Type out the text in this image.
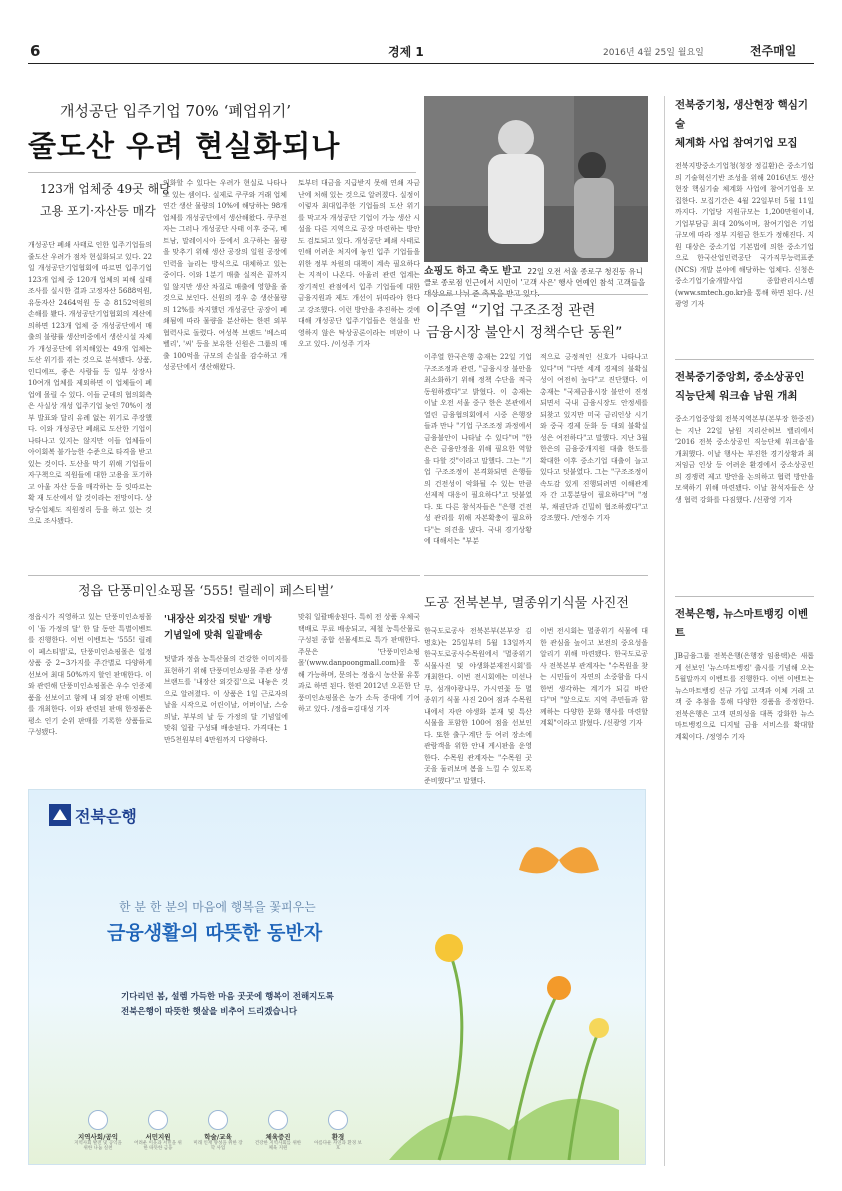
6	경제 1	2016년 4월 25일 월요일	전주매일
개성공단 입주기업 70% ‘폐업위기’
줄도산 우려 현실화되나
123개 업체중 49곳 해당
고용 포기·자산등 매각
개성공단 폐쇄 사태로 인한 입주기업들의 줄도산 우려가 점차 현실화되고 있다. 22일 개성공단기업협회에 따르면 입주기업 123개 업체 중 120개 업체의 피해 실태조사를 실시한 결과 고정자산 5688억원, 유동자산 2464억원 등 총 8152억원의 손해를 봤다. 개성공단기업협회의 계산에 의하면 123개 업체 중 개성공단에서 매출의 불량률 생산비중에서 생산시설 자체가 개성공단에 위치해있는 49개 업체는 도산 위기를 겪는 것으로 분석됐다. 상품, 인디에프, 좋은 사람들 등 일부 상장사 10여개 업체를 제외하면 이 업체들이 폐업에 몰릴 수 있다. 이들 군데의 협의회측은 사실상 개성 입주기업 늦인 70%이 정부 발표와 달리 유례 없는 위기로 주장했다. 이와 개성공단 폐쇄로 도산한 기업이 나타나고 있지는 않지만 이들 업체들이 아이회복 불가능한 수준으로 타격을 받고 있는 것이다. 도산을 막기 위해 기업들이 자구책으로 직원들에 대한 고용을 포기하고 아울 자산 등을 매각하는 등 잇따르는 확 재 도산에서 알 것이라는 전망이다. 상당수업체도 직원정리 등을 하고 있는 것으로 조사됐다.
익화할 수 있다는 우려가 현실로 나타나고 있는 셈이다. 실제로 쿠쿠와 거래 업체 연간 생산 물량의 10%에 해당하는 98개업체를 개성공단에서 생산해왔다. 쿠쿠전자는 그러나 개성공단 사태 이후 중국, 베트남, 말레이시아 등에서 요구하는 물량을 맞추기 위해 생산 공장의 일원 공장에 인력을 늘리는 방식으로 대체하고 있는 중이다. 이와 1분기 매출 실적은 끝까지 일 않지만 생산 차질로 매출에 영향을 줄 것으로 보인다. 신원의 경우 총 생산물량의 12%를 차지했던 개성공단 공장이 폐쇄됨에 따라 물량을 분산하는 한편 외부 협력사로 돌렸다. 여성복 브랜드 '베스띠벨리', '씨' 등을 보유한 신원은 그룹의 매출 100억을 규모의 손실을 감수하고 개성공단에서 생산해왔다.
토부터 대금을 지급받지 못해 연쇄 자금난에 처해 있는 것으로 알려졌다. 실정이 이렇자 최대입주한 기업들의 도산 위기를 막고자 개성공단 기업이 가능 생산 시설을 다른 지역으로 공장 마련하는 방안도 검토되고 있다. 개성공단 폐쇄 사태로 인해 어려운 처지에 놓인 입주 기업들을 위한 정부 차원의 대책이 계속 필요하다는 지적이 나온다. 아울러 관련 업계는 장기적인 관점에서 입주 기업들에 대한 금융지원과 제도 개선이 뒤따라야 한다고 강조했다. 이런 방안을 추진하는 것에 대해 개성공단 입주기업들은 현실을 반영하지 않은 탁상공론이라는 비판이 나오고 있다. /이성주 기자
쇼핑도 하고 축도 받고 22일 오전 서울 종로구 청진동 유니클로 종로점 인근에서 시민이 '고객 사은' 행사 연예인 참석 고객들을
이주열 “기업 구조조정 관련
금융시장 불안시 정책수단 동원”
이주열 한국은행 총재는 22일 기업 구조조정과 관련, "금융시장 불안을 최소화하기 위해 정책 수단을 적극 동원하겠다"고 밝혔다. 이 총재는 이날 오전 서울 중구 한은 본관에서 열린 금융협의회에서 시중 은행장들과 만나 "기업 구조조정 과정에서 금융불안이 나타날 수 있다"며 "한은은 금융안정을 위해 필요한 역할을 다할 것"이라고 말했다. 그는 "기업 구조조정이 본격화되면 은행들의 건전성이 악화될 수 있는 만큼 선제적 대응이 필요하다"고 덧붙였다. 또 다른 참석자들은 "은행 건전성 관리를 위해 자본확충이 필요하다"는 의견을 냈다. 국내 경기상황에 대해서는 "부분
적으로 긍정적인 신호가 나타나고 있다"며 "다만 세계 경제의 불확실성이 여전히 높다"고 진단했다. 이 총재는 "국제금융시장 불안이 진정되면서 국내 금융시장도 안정세를 되찾고 있지만 미국 금리인상 시기와 중국 경제 둔화 등 대외 불확실성은 여전하다"고 말했다. 지난 3월 한은의 금융중개지원 대출 한도를 확대한 이후 중소기업 대출이 늘고 있다고 덧붙였다. 그는 "구조조정이 속도감 있게 진행되려면 이해관계자 간 고통분담이 필요하다"며 "정부, 채권단과 긴밀히 협조하겠다"고 강조했다. /안정수 기자
정읍 단풍미인쇼핑몰 ‘555! 릴레이 페스티벌’
정읍시가 직영하고 있는 단풍미인쇼핑몰이 '돌 가정의 달' 한 달 동안 특별이벤트를 진행한다. 이번 이벤트는 '555! 릴레이 페스티벌'로, 단풍미인쇼핑몰은 일정상품 중 2~3가지를 주간별로 다양하게 선보여 최대 50%까지 할인 판매한다. 이와 관련해 단풍미인쇼핑몰은 우수 인증제품을 선보이고 함께 내 외장 판매 이벤트를 개최한다. 이와 관련된 판매 한정품은 평소 인기 순위 판매를 기록한 상품들로 구성됐다.
'내장산 외갓집 텃밭' 개방
기념일에 맞춰 일괄배송
텃밭과 정읍 농특산물의 건강한 이미지를 표현하기 위해 단풍미인쇼핑몰 주관 상생 브랜드를 '내장산 외갓집'으로 내놓은 것으로 알려졌다. 이 상품은 1일 근로자의 날을 시작으로 어린이날, 어버이날, 스승의날, 부부의 날 등 가정의 달 기념일에 맞춰 일괄 구성돼 배송된다. 가격대는 1만5천원부터 4만원까지 다양하다.
맞춰 일괄배송된다. 특히 전 상품 우체국택배로 무료 배송되고, 제철 농특산물로 구성된 종합 선물세트로 특가 판매한다. 주문은 '단풍미인쇼핑몰'(www.danpoongmall.com)을 통해 가능하며, 문의는 정읍시 농산물 유통과로 하면 된다. 한편 2012년 오픈한 단풍미인쇼핑몰은 농가 소득 증대에 기여하고 있다. /정읍=김대성 기자
도공 전북본부, 멸종위기식물 사진전
한국도로공사 전북본부(본부장 김명호)는 25일부터 5월 13일까지 한국도로공사수목원에서 '멸종위기식물사진 및 야생화분재전시회'를 개최한다. 이번 전시회에는 미선나무, 섬개야광나무, 가시연꽃 등 멸종위기 식물 사진 20여 점과 수목원 내에서 자란 야생화 분재 및 특산 식물을 포함한 100여 점을 선보인다. 또한 출구·계단 등 여러 장소에 관람객을 위한 안내 게시판을 운영한다. 수목원 관계자는 "수목원 곳곳을 둘러보며 봄을 느낄 수 있도록 준비했다"고 말했다.
이번 전시회는 멸종위기 식물에 대한 관심을 높이고 보전의 중요성을 알리기 위해 마련됐다. 한국도로공사 전북본부 관계자는 "수목원을 찾는 시민들이 자연의 소중함을 다시 한번 생각하는 계기가 되길 바란다"며 "앞으로도 지역 주민들과 함께하는 다양한 문화 행사를 마련할 계획"이라고 밝혔다. /신광영 기자
전북중기청, 생산현장 핵심기술
체계화 사업 참여기업 모집
전북지방중소기업청(청장 정길환)은 중소기업의 기술혁신기반 조성을 위해 2016년도 생산현장 핵심기술 체계화 사업에 참여기업을 모집한다. 모집기간은 4월 22일부터 5월 11일까지다. 기업당 지원규모는 1,200만원이내, 기업부담금 최대 20%이며, 참여기업은 기업 규모에 따라 정부 지원금 한도가 정해진다. 지원 대상은 중소기업 기본법에 의한 중소기업으로 한국산업인력공단 국가직무능력표준(NCS) 개발 분야에 해당하는 업체다. 신청은 중소기업기술개발사업 종합관리시스템(www.smtech.go.kr)을 통해 하면 된다. /신광영 기자
전북중기중앙회, 중소상공인
직능단체 워크숍 남원 개최
중소기업중앙회 전북지역본부(본부장 한중진)는 지난 22일 남원 지리산허브 밸리에서 '2016 전북 중소상공인 직능단체 워크숍'을 개최했다. 이날 행사는 부진한 경기상황과 최저임금 인상 등 어려운 환경에서 중소상공인의 경쟁력 제고 방안을 논의하고 협력 방안을 모색하기 위해 마련됐다. 이날 참석자들은 상생 협력 강화를 다짐했다. /신광영 기자
전북은행, 뉴스마트뱅킹 이벤트
JB금융그룹 전북은행(은행장 임용택)은 새롭게 선보인 '뉴스마트뱅킹' 출시를 기념해 오는 5월말까지 이벤트를 진행한다. 이번 이벤트는 뉴스마트뱅킹 신규 가입 고객과 이체 거래 고객 중 추첨을 통해 다양한 경품을 증정한다. 전북은행은 고객 편의성을 대폭 강화한 뉴스마트뱅킹으로 디지털 금융 서비스를 확대할 계획이다. /정영수 기자
전북은행
한 분 한 분의 마음에 행복을 꽃피우는
금융생활의 따뜻한 동반자
기다리던 봄, 설렘 가득한 마음 곳곳에 행복이 전해지도록
전북은행이 따뜻한 햇살을 비추어 드리겠습니다
지역사회/공익
지역사회 발전 및 공익을 위한 나눔 실천
서민지원
어려운 이웃과 서민을 위한 따뜻한 금융
학술/교육
미래 인재 양성을 위한 장학 사업
체육증진
건강한 지역사회를 위한 체육 지원
환경
아름다운 자연과 환경 보호
